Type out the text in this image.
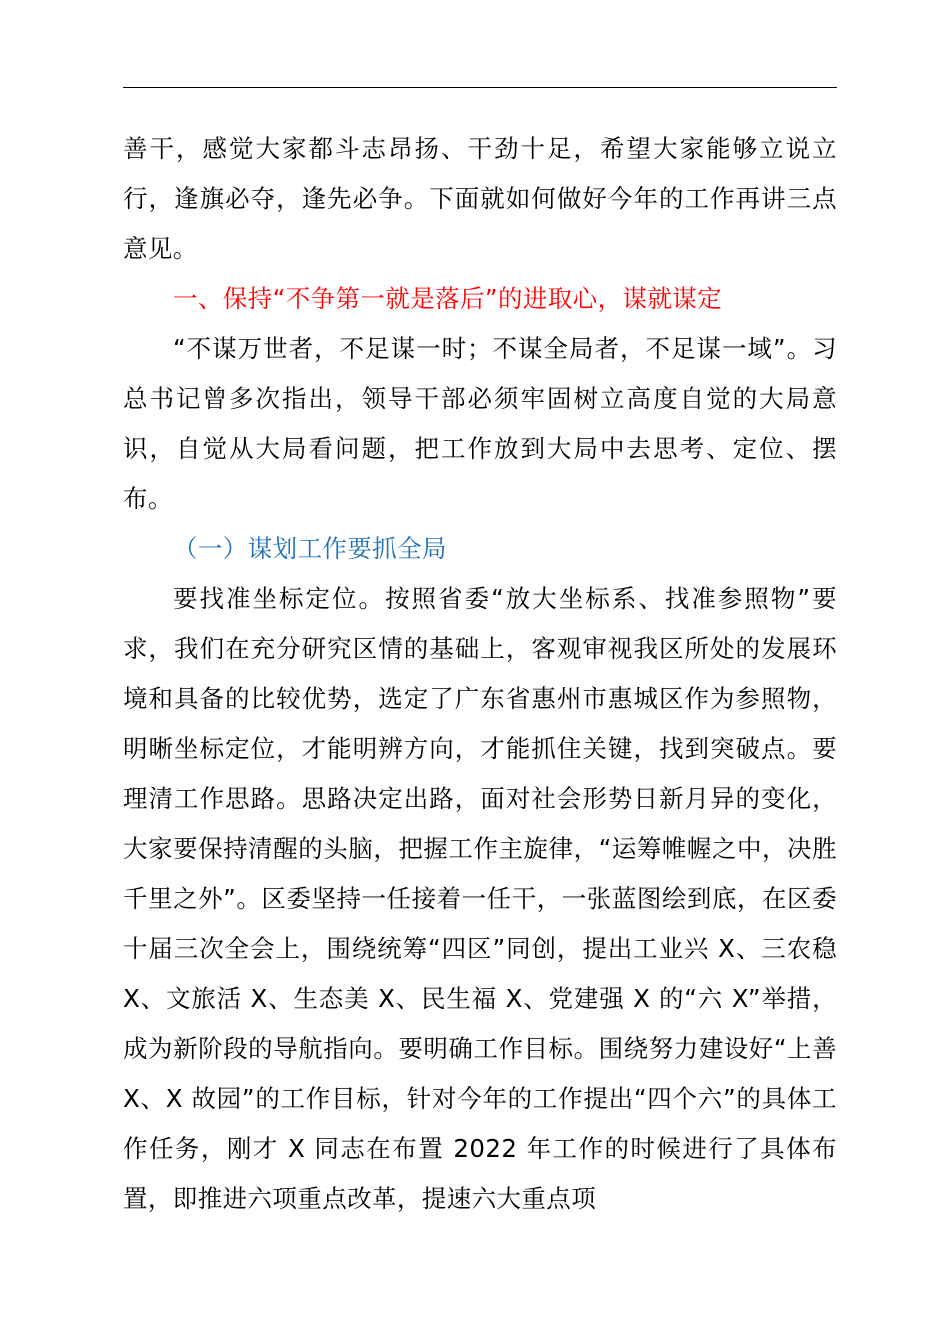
善干，感觉大家都斗志昂扬、干劲十足，希望大家能够立说立行，逢旗必夺，逢先必争。下面就如何做好今年的工作再讲三点意见。

一、保持“不争第一就是落后”的进取心，谋就谋定

“不谋万世者，不足谋一时；不谋全局者，不足谋一域”。习总书记曾多次指出，领导干部必须牢固树立高度自觉的大局意识，自觉从大局看问题，把工作放到大局中去思考、定位、摆布。

（一）谋划工作要抓全局

要找准坐标定位。按照省委“放大坐标系、找准参照物”要求，我们在充分研究区情的基础上，客观审视我区所处的发展环境和具备的比较优势，选定了广东省惠州市惠城区作为参照物，明晰坐标定位，才能明辨方向，才能抓住关键，找到突破点。要理清工作思路。思路决定出路，面对社会形势日新月异的变化，大家要保持清醒的头脑，把握工作主旋律，“运筹帷幄之中，决胜千里之外”。区委坚持一任接着一任干，一张蓝图绘到底，在区委十届三次全会上，围绕统筹“四区”同创，提出工业兴 X、三农稳 X、文旅活 X、生态美 X、民生福 X、党建强 X 的“六 X”举措，成为新阶段的导航指向。要明确工作目标。围绕努力建设好“上善 X、X 故园”的工作目标，针对今年的工作提出“四个六”的具体工作任务，刚才 X 同志在布置 2022 年工作的时候进行了具体布置，即推进六项重点改革，提速六大重点项
